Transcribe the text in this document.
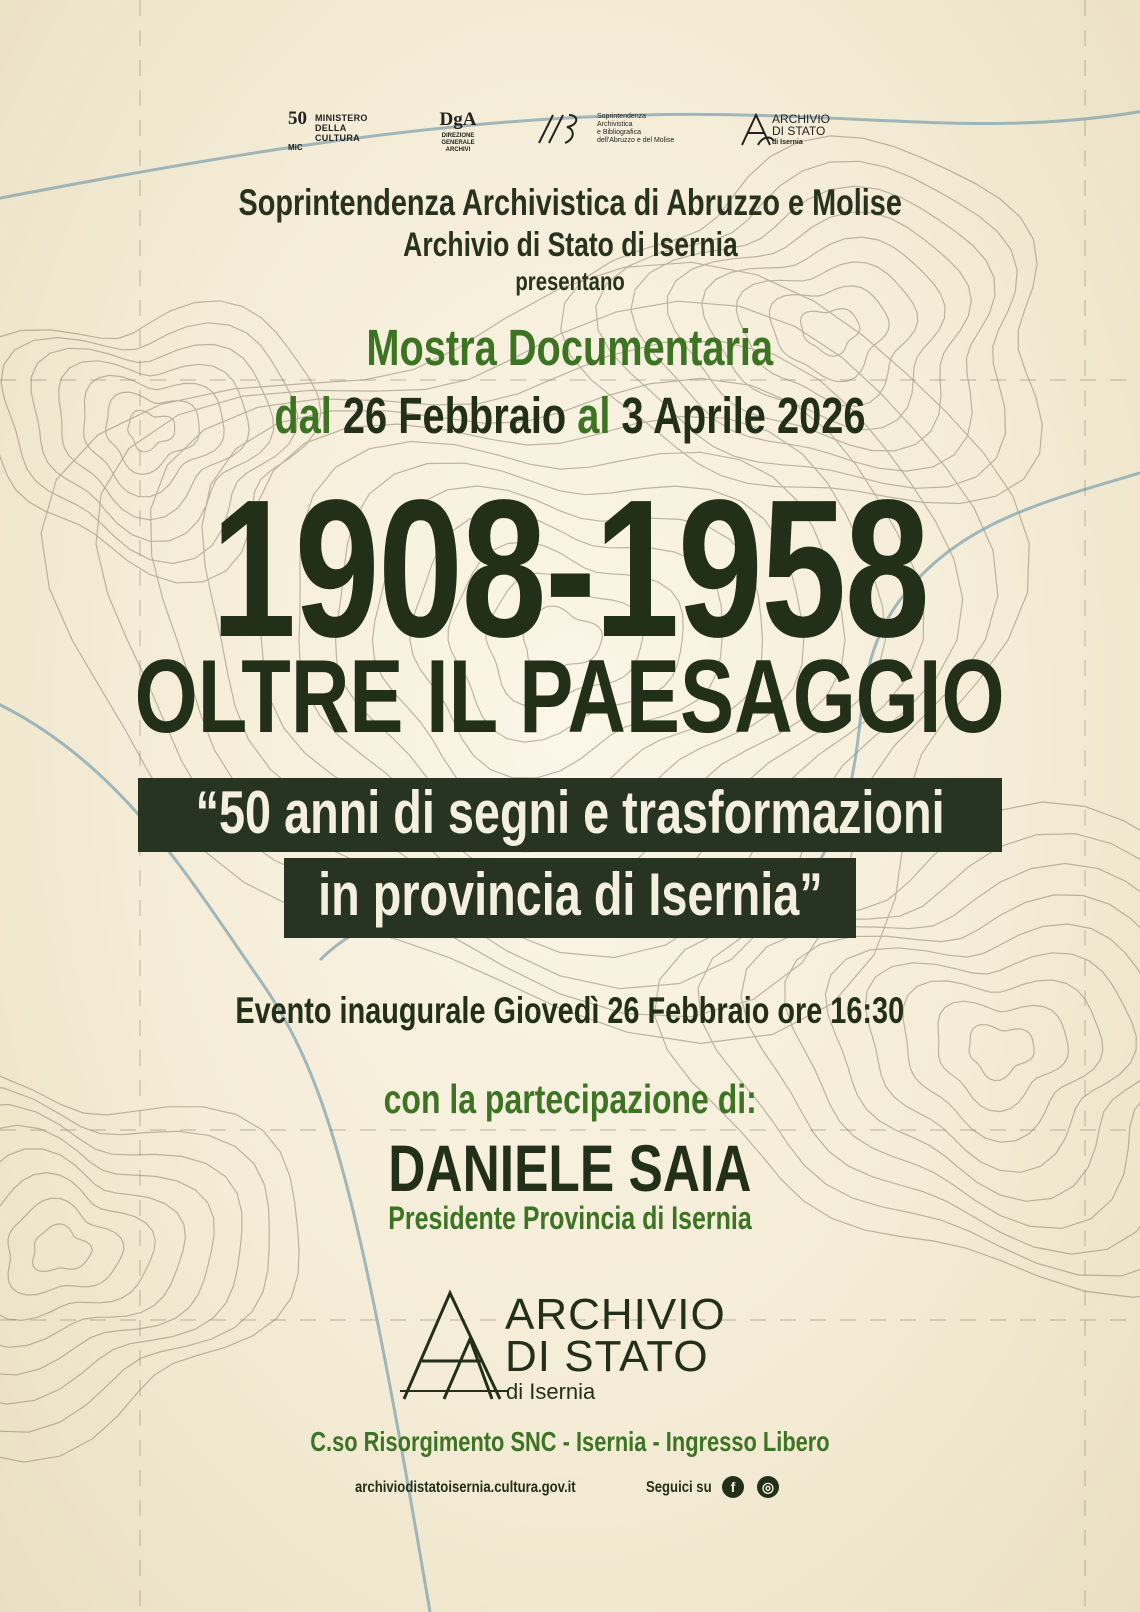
50 MINISTERO
DELLA
CULTURA
MiC
DgA
DIREZIONE
GENERALE
ARCHIVI
Soprintendenza
Archivistica
e Bibliografica
dell'Abruzzo e del Molise
ARCHIVIO
DI STATO
di Isernia
Soprintendenza Archivistica di Abruzzo e Molise
Archivio di Stato di Isernia
presentano
Mostra Documentaria
dal 26 Febbraio al 3 Aprile 2026
1908-1958
OLTRE IL PAESAGGIO
“50 anni di segni e trasformazioni
in provincia di Isernia”
Evento inaugurale Giovedì 26 Febbraio ore 16:30
con la partecipazione di:
DANIELE SAIA
Presidente Provincia di Isernia
ARCHIVIO
DI STATO
di Isernia
C.so Risorgimento SNC - Isernia - Ingresso Libero
archiviodistatoisernia.cultura.gov.it	Seguici su	f	◎
